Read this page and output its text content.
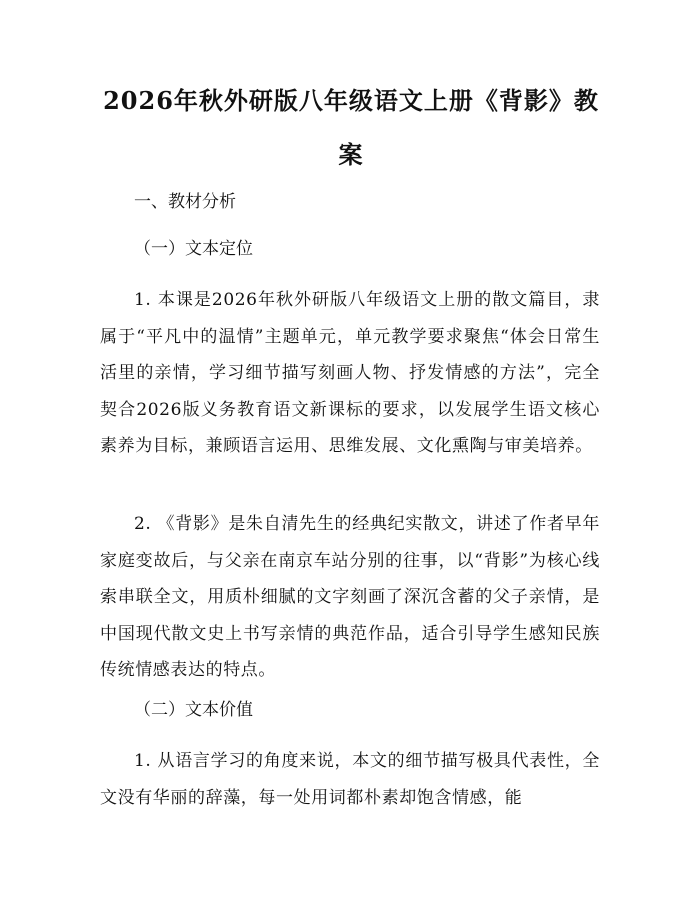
2026年秋外研版八年级语文上册《背影》教案

一、教材分析

（一）文本定位

1. 本课是2026年秋外研版八年级语文上册的散文篇目，隶属于“平凡中的温情”主题单元，单元教学要求聚焦“体会日常生活里的亲情，学习细节描写刻画人物、抒发情感的方法”，完全契合2026版义务教育语文新课标的要求，以发展学生语文核心素养为目标，兼顾语言运用、思维发展、文化熏陶与审美培养。

2. 《背影》是朱自清先生的经典纪实散文，讲述了作者早年家庭变故后，与父亲在南京车站分别的往事，以“背影”为核心线索串联全文，用质朴细腻的文字刻画了深沉含蓄的父子亲情，是中国现代散文史上书写亲情的典范作品，适合引导学生感知民族传统情感表达的特点。

（二）文本价值

1. 从语言学习的角度来说，本文的细节描写极具代表性，全文没有华丽的辞藻，每一处用词都朴素却饱含情感，能
